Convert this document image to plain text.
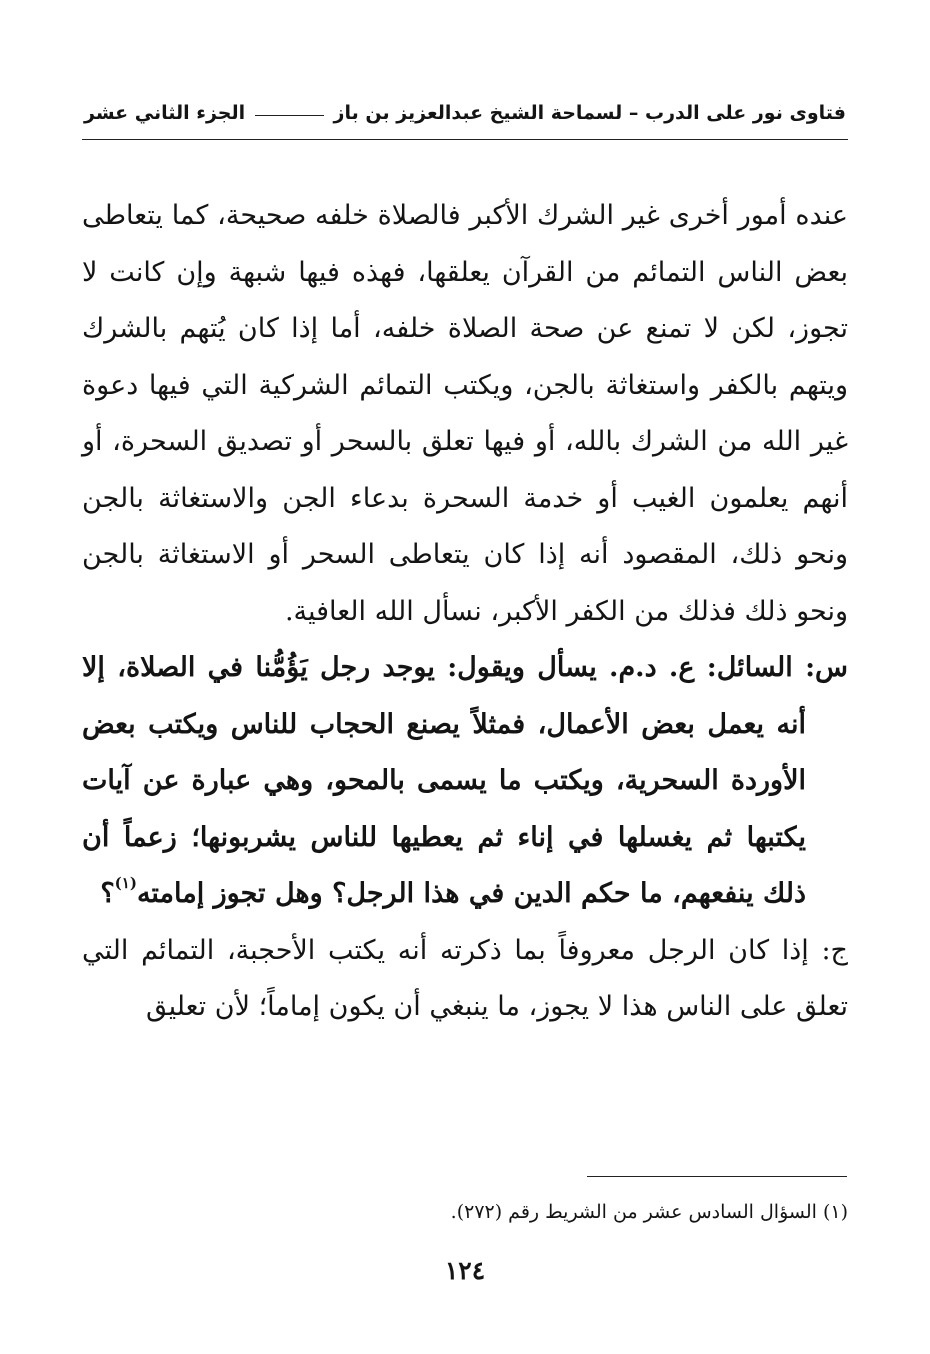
فتاوى نور على الدرب – لسماحة الشيخ عبدالعزيز بن باز
الجزء الثاني عشر

عنده أمور أخرى غير الشرك الأكبر فالصلاة خلفه صحيحة، كما يتعاطى بعض الناس التمائم من القرآن يعلقها، فهذه فيها شبهة وإن كانت لا تجوز، لكن لا تمنع عن صحة الصلاة خلفه، أما إذا كان يُتهم بالشرك ويتهم بالكفر واستغاثة بالجن، ويكتب التمائم الشركية التي فيها دعوة غير الله من الشرك بالله، أو فيها تعلق بالسحر أو تصديق السحرة، أو أنهم يعلمون الغيب أو خدمة السحرة بدعاء الجن والاستغاثة بالجن ونحو ذلك، المقصود أنه إذا كان يتعاطى السحر أو الاستغاثة بالجن ونحو ذلك فذلك من الكفر الأكبر، نسأل الله العافية.

س: السائل: ع. د.م. يسأل ويقول: يوجد رجل يَؤُمُّنا في الصلاة، إلا أنه يعمل بعض الأعمال، فمثلاً يصنع الحجاب للناس ويكتب بعض الأوردة السحرية، ويكتب ما يسمى بالمحو، وهي عبارة عن آيات يكتبها ثم يغسلها في إناء ثم يعطيها للناس يشربونها؛ زعماً أن ذلك ينفعهم، ما حكم الدين في هذا الرجل؟ وهل تجوز إمامته$^{(١)}$؟

ج: إذا كان الرجل معروفاً بما ذكرته أنه يكتب الأحجبة، التمائم التي تعلق على الناس هذا لا يجوز، ما ينبغي أن يكون إماماً؛ لأن تعليق

(١) السؤال السادس عشر من الشريط رقم (٢٧٢).
١٢٤
